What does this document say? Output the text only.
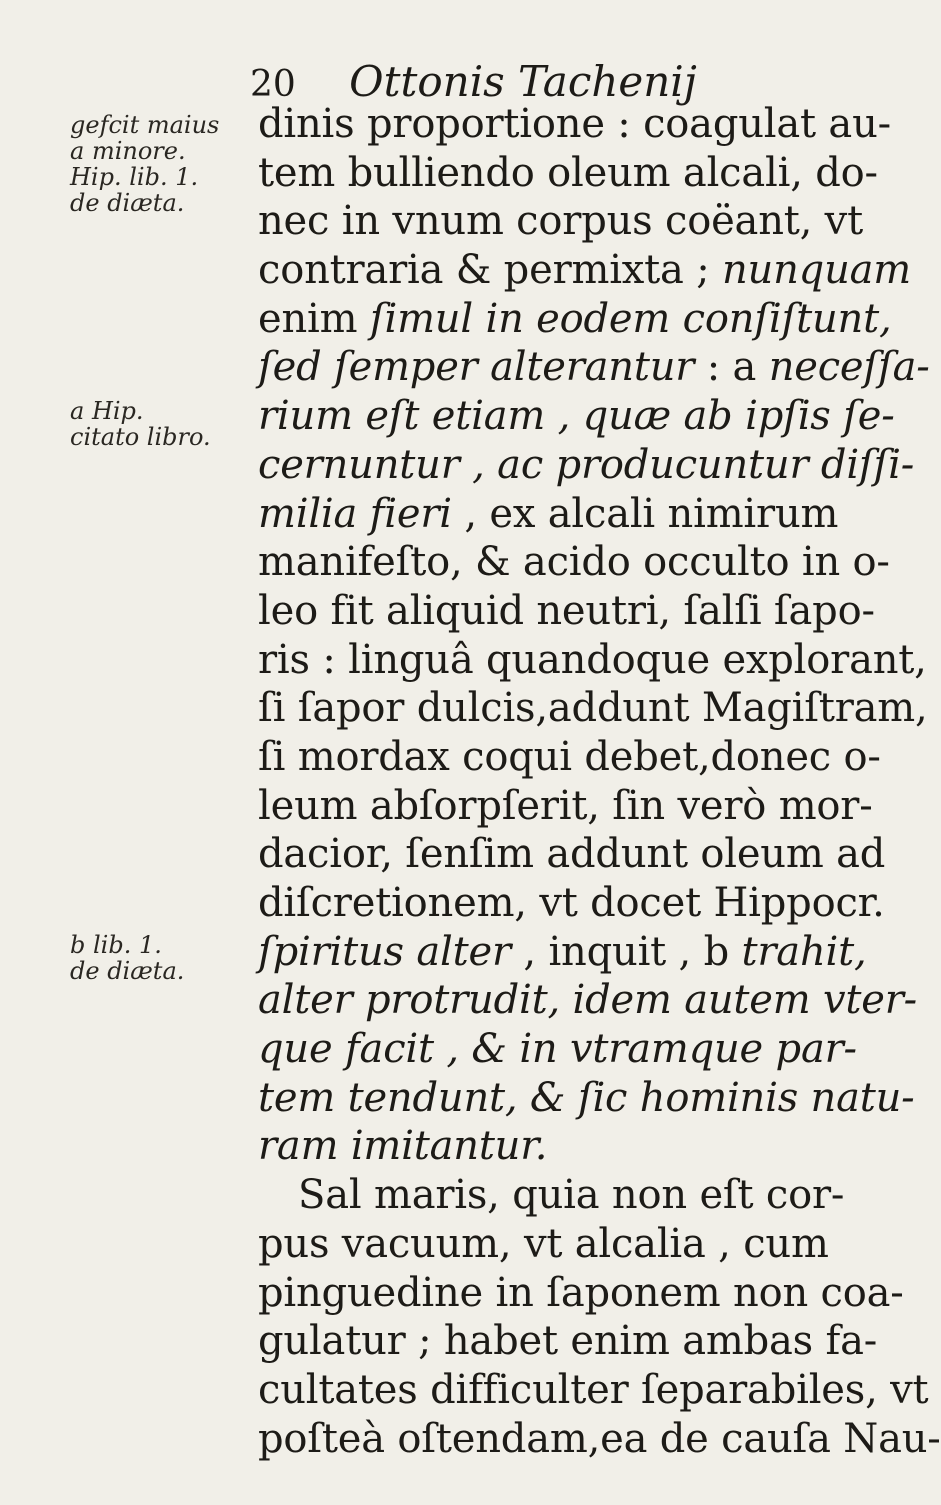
20 Ottonis Tachenij
gefcit maius
a minore.
Hip. lib. 1.
de diæta.
a Hip.
citato libro.
b lib. 1.
de diæta.
dinis proportione : coagulat au-
tem bulliendo oleum alcali, do-
nec in vnum corpus coëant, vt
contraria & permixta ; nunquam
enim ſimul in eodem conſiſtunt,
ſed ſemper alterantur : a neceſſa-
rium eſt etiam , quæ ab ipſis ſe-
cernuntur , ac producuntur diſſi-
milia fieri , ex alcali nimirum
manifeſto, & acido occulto in o-
leo fit aliquid neutri, ſalſi ſapo-
ris : linguâ quandoque explorant,
ſi ſapor dulcis,addunt Magiſtram,
ſi mordax coqui debet,donec o-
leum abſorpſerit, ſin verò mor-
dacior, ſenſim addunt oleum ad
diſcretionem, vt docet Hippocr.
ſpiritus alter , inquit , b trahit,
alter protrudit, idem autem vter-
que facit , & in vtramque par-
tem tendunt, & ſic hominis natu-
ram imitantur.
Sal maris, quia non eſt cor-
pus vacuum, vt alcalia , cum
pinguedine in ſaponem non coa-
gulatur ; habet enim ambas fa-
cultates difficulter ſeparabiles, vt
poſteà oſtendam,ea de cauſa Nau-
